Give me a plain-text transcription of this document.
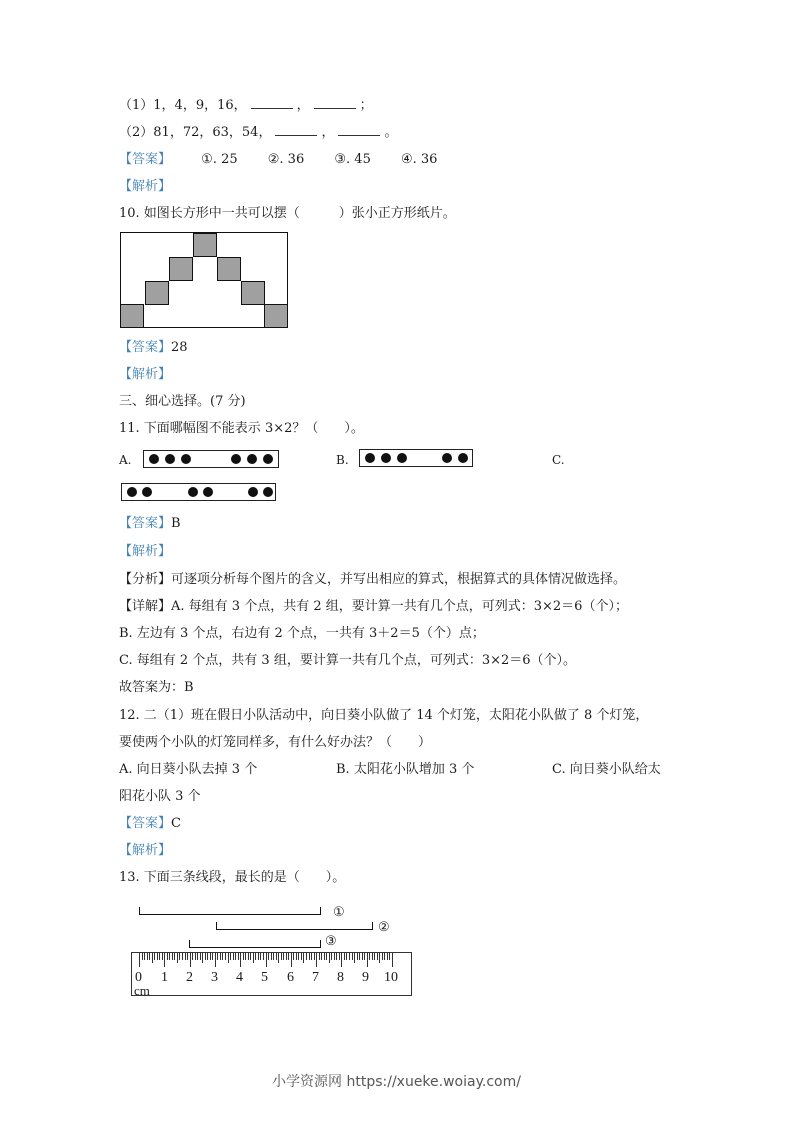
（1）1，4，9，16，	，	；
（2）81，72，63，54，	，	。
【答案】 ①. 25 ②. 36 ③. 45 ④. 36
【解析】
10. 如图长方形中一共可以摆（　　　）张小正方形纸片。
【答案】28
【解析】
三、细心选择。(7 分)
11. 下面哪幅图不能表示 3×2？（　　）。
A.	B.	C.
【答案】B
【解析】
【分析】可逐项分析每个图片的含义，并写出相应的算式，根据算式的具体情况做选择。
【详解】A. 每组有 3 个点，共有 2 组，要计算一共有几个点，可列式：3×2＝6（个）；
B. 左边有 3 个点，右边有 2 个点，一共有 3＋2＝5（个）点；
C. 每组有 2 个点，共有 3 组，要计算一共有几个点，可列式：3×2＝6（个）。
故答案为：B
12. 二（1）班在假日小队活动中，向日葵小队做了 14 个灯笼，太阳花小队做了 8 个灯笼，
要使两个小队的灯笼同样多，有什么好办法？（　　）
A. 向日葵小队去掉 3 个	B. 太阳花小队增加 3 个	C. 向日葵小队给太
阳花小队 3 个
【答案】C
【解析】
13. 下面三条线段，最长的是（　　）。
①
②
③
0 1 2 3 4 5 6 7 8 9 10
cm
小学资源网 https://xueke.woiay.com/
